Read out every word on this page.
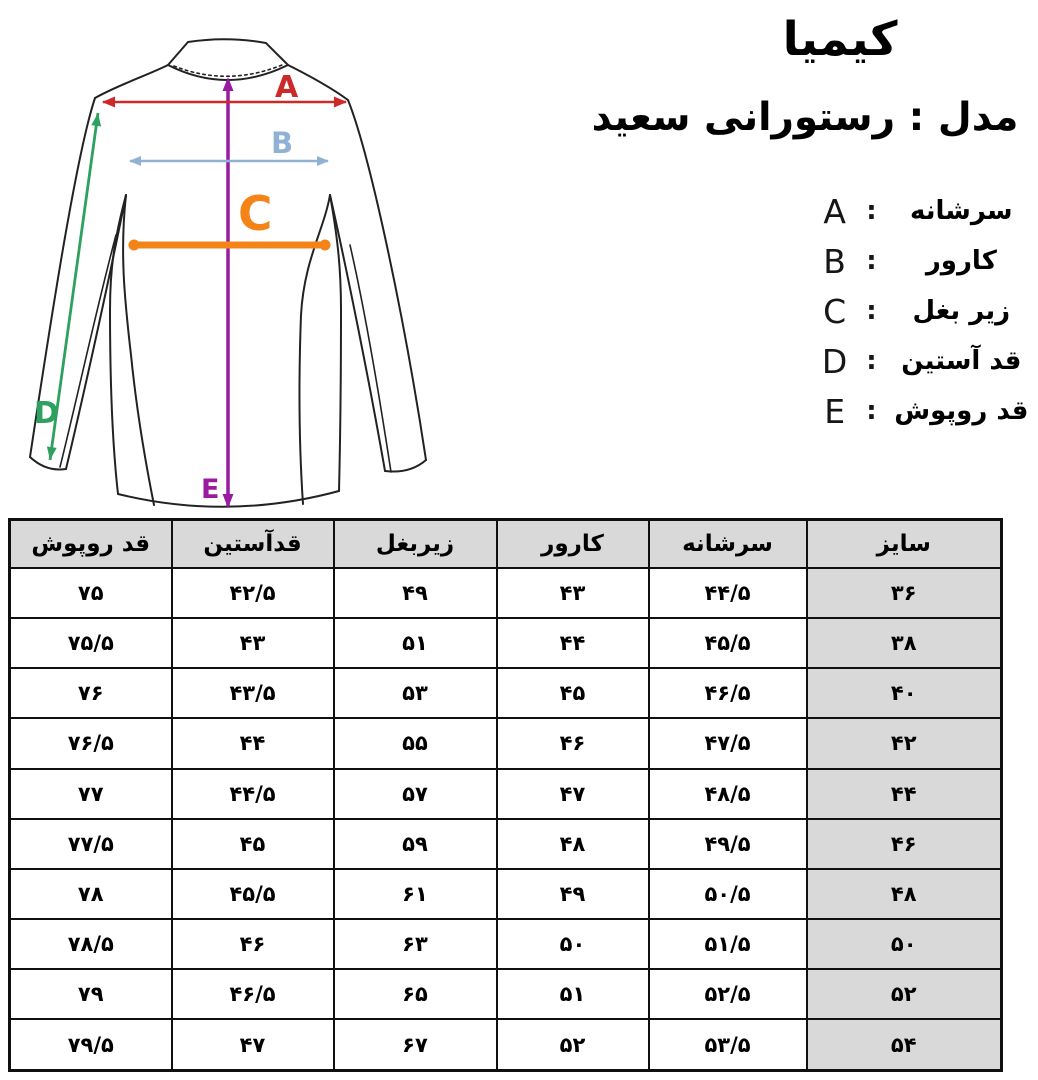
A
B
C
D
E
کیمیا
مدل : رستورانی سعید
A :	سرشانه
B :	کارور
C :	زیر بغل
D : قد آستین
E : قد روپوش
قد روپوش	قدآستین	زیربغل	کارور	سرشانه	سایز
۷۵	۴۲/۵	۴۹	۴۳	۴۴/۵	۳۶
۷۵/۵	۴۳	۵۱	۴۴	۴۵/۵	۳۸
۷۶	۴۳/۵	۵۳	۴۵	۴۶/۵	۴۰
۷۶/۵	۴۴	۵۵	۴۶	۴۷/۵	۴۲
۷۷	۴۴/۵	۵۷	۴۷	۴۸/۵	۴۴
۷۷/۵	۴۵	۵۹	۴۸	۴۹/۵	۴۶
۷۸	۴۵/۵	۶۱	۴۹	۵۰/۵	۴۸
۷۸/۵	۴۶	۶۳	۵۰	۵۱/۵	۵۰
۷۹	۴۶/۵	۶۵	۵۱	۵۲/۵	۵۲
۷۹/۵	۴۷	۶۷	۵۲	۵۳/۵	۵۴
